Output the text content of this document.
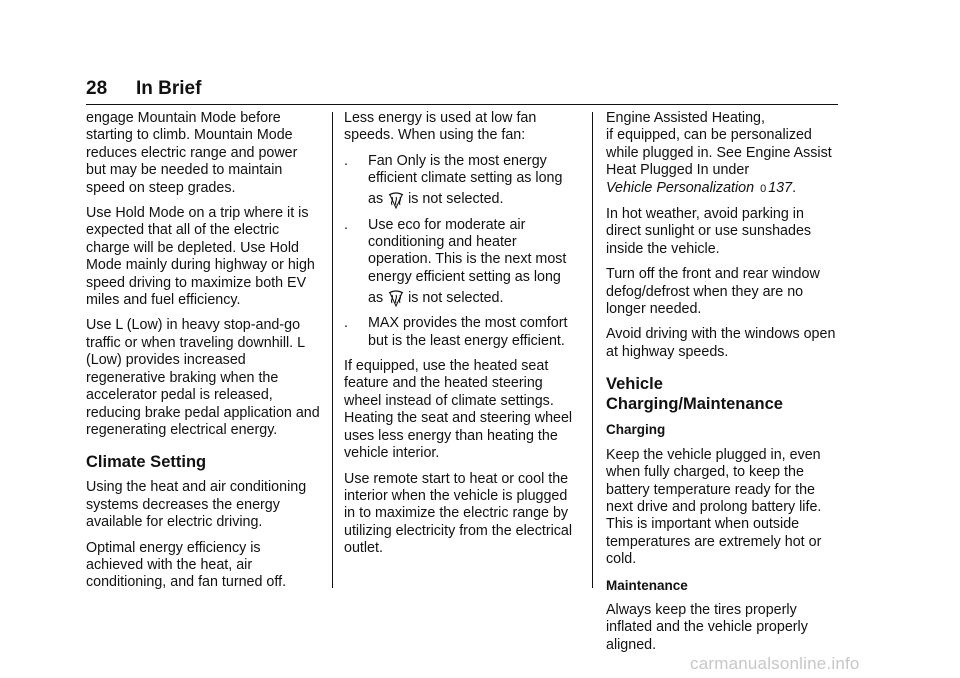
28 In Brief

engage Mountain Mode before starting to climb. Mountain Mode reduces electric range and power but may be needed to maintain speed on steep grades.

Use Hold Mode on a trip where it is expected that all of the electric charge will be depleted. Use Hold Mode mainly during highway or high speed driving to maximize both EV miles and fuel efficiency.

Use L (Low) in heavy stop-and-go traffic or when traveling downhill. L (Low) provides increased regenerative braking when the accelerator pedal is released, reducing brake pedal application and regenerating electrical energy.

Climate Setting

Using the heat and air conditioning systems decreases the energy available for electric driving.

Optimal energy efficiency is achieved with the heat, air conditioning, and fan turned off.

Less energy is used at low fan speeds. When using the fan:

. Fan Only is the most energy efficient climate setting as long
as is not selected.
. Use eco for moderate air conditioning and heater operation. This is the next most energy efficient setting as long
as is not selected.
. MAX provides the most comfort but is the least energy efficient.

If equipped, use the heated seat feature and the heated steering wheel instead of climate settings. Heating the seat and steering wheel uses less energy than heating the vehicle interior.

Use remote start to heat or cool the interior when the vehicle is plugged in to maximize the electric range by utilizing electricity from the electrical outlet.

Engine Assisted Heating,
if equipped, can be personalized while plugged in. See Engine Assist Heat Plugged In under
Vehicle Personalization 0 137.

In hot weather, avoid parking in direct sunlight or use sunshades inside the vehicle.

Turn off the front and rear window defog/defrost when they are no longer needed.

Avoid driving with the windows open at highway speeds.

Vehicle Charging/Maintenance
Charging

Keep the vehicle plugged in, even when fully charged, to keep the battery temperature ready for the next drive and prolong battery life. This is important when outside temperatures are extremely hot or cold.

Maintenance

Always keep the tires properly inflated and the vehicle properly aligned.

carmanualsonline.info
